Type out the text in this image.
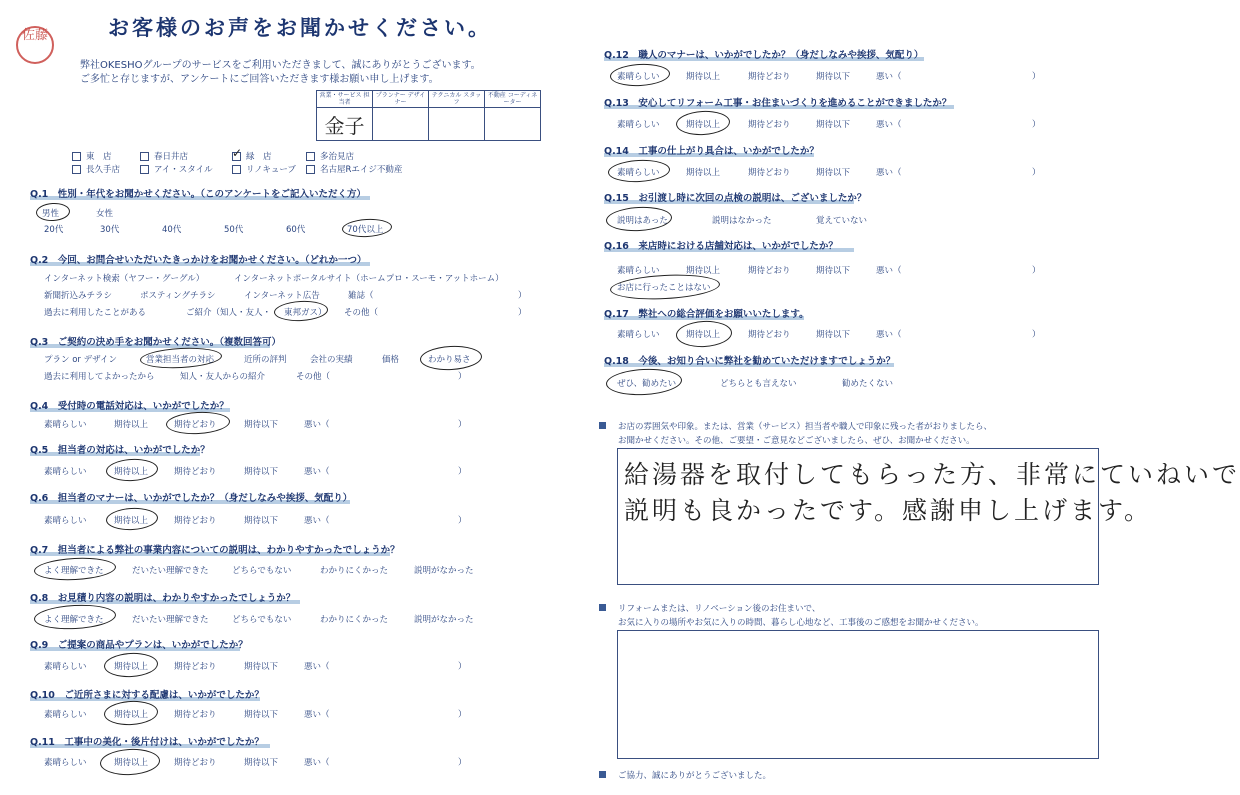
佐藤	お客様のお声をお聞かせください。
弊社OKESHOグループのサービスをご利用いただきまして、誠にありがとうございます。
ご多忙と存じますが、アンケートにご回答いただきます様お願い申し上げます。
営業・サービス 担当者	プランナー デザイナー	テクニカル スタッフ	不動産 コーディネーター
金子			
東　店	春日井店 ✓	緑　店	多治見店
長久手店	アイ・スタイル	リノキューブ	名古屋Rエイジ不動産
Q.1　性別・年代をお聞かせください。（このアンケートをご記入いただく方）
男性	女性
20代	30代	40代	50代	60代	70代以上
Q.2　今回、お問合せいただいたきっかけをお聞かせください。（どれか一つ）
インターネット検索（ヤフー・グーグル）	インターネットポータルサイト（ホームプロ・スーモ・アットホーム）
新聞折込みチラシ	ポスティングチラシ	インターネット広告	雑誌（	）
過去に利用したことがある	ご紹介（知人・友人・ 東邦ガス） その他（	）
Q.3　ご契約の決め手をお聞かせください。（複数回答可）
プラン or デザイン	営業担当者の対応	近所の評判	会社の実績	価格	わかり易さ
過去に利用してよかったから	知人・友人からの紹介	その他（	）
Q.4　受付時の電話対応は、いかがでしたか？
素晴らしい	期待以上	期待どおり	期待以下	悪い（	）
Q.5　担当者の対応は、いかがでしたか？
素晴らしい	期待以上	期待どおり	期待以下	悪い（	）
Q.6　担当者のマナーは、いかがでしたか？（身だしなみや挨拶、気配り）
素晴らしい	期待以上	期待どおり	期待以下	悪い（	）
Q.7　担当者による弊社の事業内容についての説明は、わかりやすかったでしょうか？
よく理解できた	だいたい理解できた	どちらでもない	わかりにくかった	説明がなかった
Q.8　お見積り内容の説明は、わかりやすかったでしょうか？
よく理解できた	だいたい理解できた	どちらでもない	わかりにくかった	説明がなかった
Q.9　ご提案の商品やプランは、いかがでしたか？
素晴らしい	期待以上	期待どおり	期待以下	悪い（	）
Q.10　ご近所さまに対する配慮は、いかがでしたか？
素晴らしい	期待以上	期待どおり	期待以下	悪い（	）
Q.11　工事中の美化・後片付けは、いかがでしたか？
素晴らしい	期待以上	期待どおり	期待以下	悪い（	）
Q.12　職人のマナーは、いかがでしたか？（身だしなみや挨拶、気配り）
素晴らしい	期待以上	期待どおり	期待以下	悪い（	）
Q.13　安心してリフォーム工事・お住まいづくりを進めることができましたか？
素晴らしい	期待以上	期待どおり	期待以下	悪い（	）
Q.14　工事の仕上がり具合は、いかがでしたか？
素晴らしい	期待以上	期待どおり	期待以下	悪い（	）
Q.15　お引渡し時に次回の点検の説明は、ございましたか？
説明はあった	説明はなかった	覚えていない
Q.16　来店時における店舗対応は、いかがでしたか？
素晴らしい	期待以上	期待どおり	期待以下	悪い（	）
お店に行ったことはない
Q.17　弊社への総合評価をお願いいたします。
素晴らしい	期待以上	期待どおり	期待以下	悪い（	）
Q.18　今後、お知り合いに弊社を勧めていただけますでしょうか？
ぜひ、勧めたい	どちらとも言えない	勧めたくない
お店の雰囲気や印象。または、営業（サービス）担当者や職人で印象に残った者がおりましたら、
お聞かせください。その他、ご要望・ご意見などございましたら、ぜひ、お聞かせください。
給湯器を取付してもらった方、非常にていねいで
説明も良かったです。感謝申し上げます。
リフォームまたは、リノベーション後のお住まいで、
お気に入りの場所やお気に入りの時間、暮らし心地など、工事後のご感想をお聞かせください。
ご協力、誠にありがとうございました。
